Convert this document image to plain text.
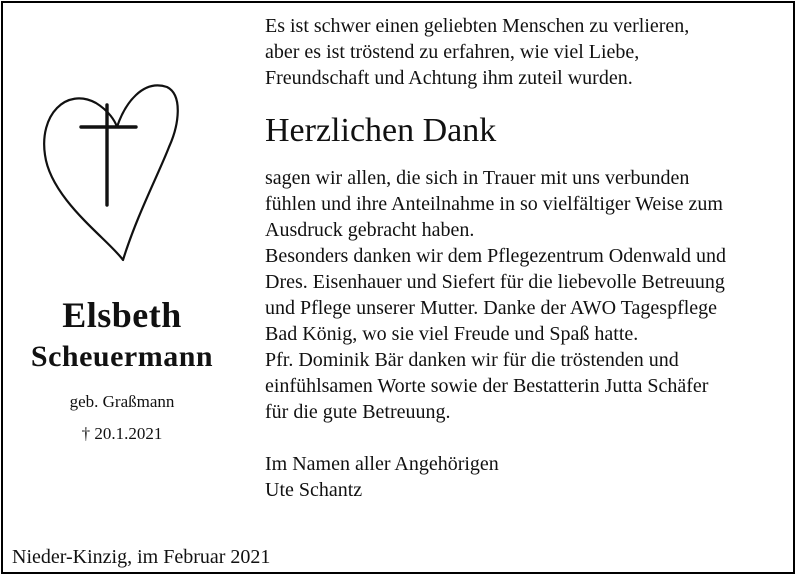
Elsbeth
Scheuermann
geb. Graßmann
† 20.1.2021
Es ist schwer einen geliebten Menschen zu verlieren,
aber es ist tröstend zu erfahren, wie viel Liebe,
Freundschaft und Achtung ihm zuteil wurden.
Herzlichen Dank
sagen wir allen, die sich in Trauer mit uns verbunden
fühlen und ihre Anteilnahme in so vielfältiger Weise zum
Ausdruck gebracht haben.
Besonders danken wir dem Pflegezentrum Odenwald und
Dres. Eisenhauer und Siefert für die liebevolle Betreuung
und Pflege unserer Mutter. Danke der AWO Tagespflege
Bad König, wo sie viel Freude und Spaß hatte.
Pfr. Dominik Bär danken wir für die tröstenden und
einfühlsamen Worte sowie der Bestatterin Jutta Schäfer
für die gute Betreuung.
Im Namen aller Angehörigen
Ute Schantz
Nieder-Kinzig, im Februar 2021
